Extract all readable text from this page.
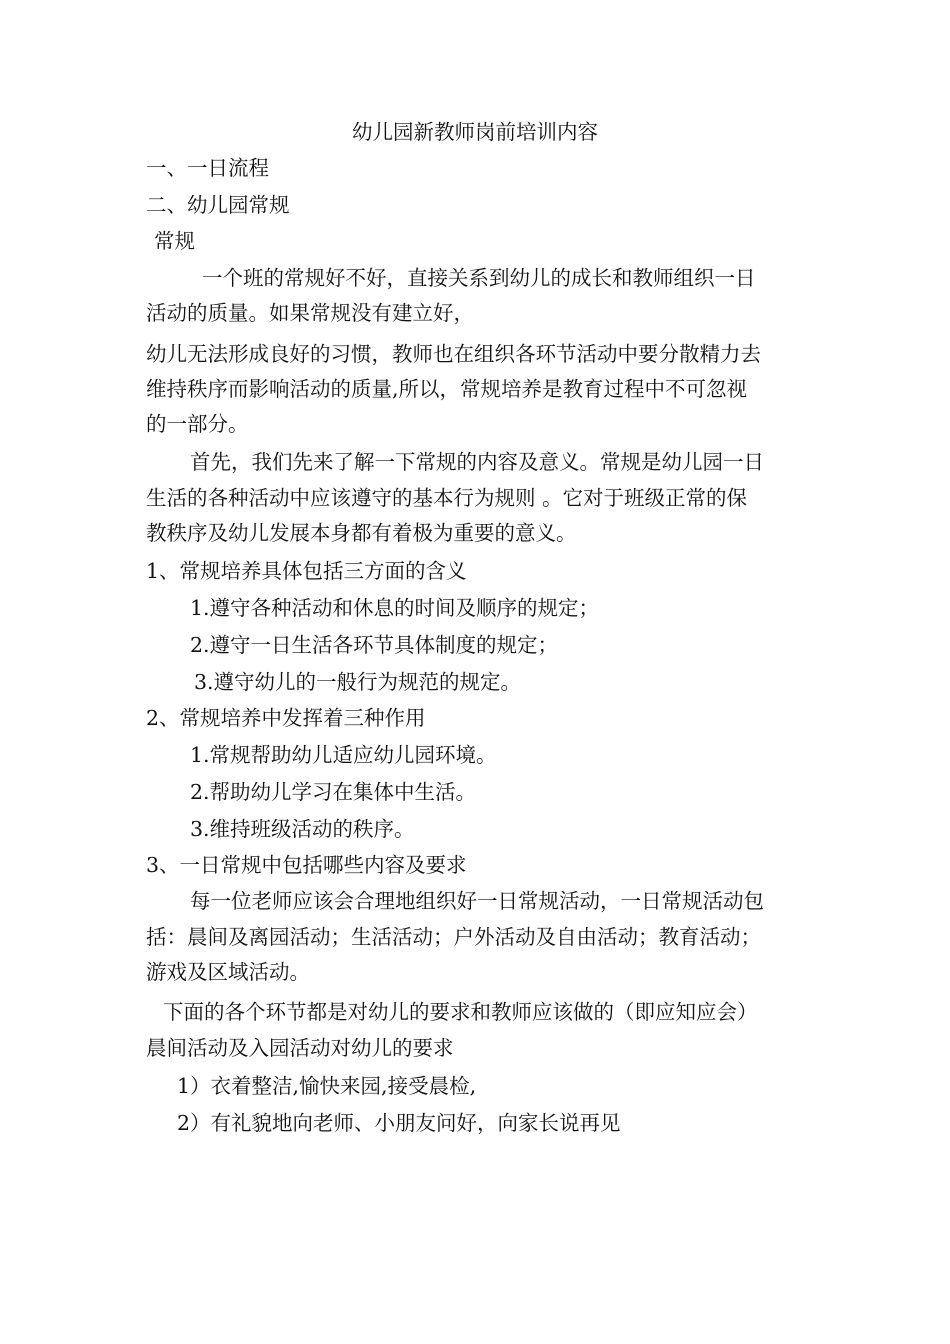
幼儿园新教师岗前培训内容
一、一日流程
二、幼儿园常规
常规
一个班的常规好不好，直接关系到幼儿的成长和教师组织一日
活动的质量。如果常规没有建立好，
幼儿无法形成良好的习惯，教师也在组织各环节活动中要分散精力去
维持秩序而影响活动的质量,所以，常规培养是教育过程中不可忽视
的一部分。
首先，我们先来了解一下常规的内容及意义。常规是幼儿园一日
生活的各种活动中应该遵守的基本行为规则 。它对于班级正常的保
教秩序及幼儿发展本身都有着极为重要的意义。
1、常规培养具体包括三方面的含义
1.遵守各种活动和休息的时间及顺序的规定；
2.遵守一日生活各环节具体制度的规定；
3.遵守幼儿的一般行为规范的规定。
2、常规培养中发挥着三种作用
1.常规帮助幼儿适应幼儿园环境。
2.帮助幼儿学习在集体中生活。
3.维持班级活动的秩序。
3、一日常规中包括哪些内容及要求
每一位老师应该会合理地组织好一日常规活动，一日常规活动包
括：晨间及离园活动；生活活动；户外活动及自由活动；教育活动；
游戏及区域活动。
下面的各个环节都是对幼儿的要求和教师应该做的（即应知应会）
晨间活动及入园活动对幼儿的要求
1）衣着整洁,愉快来园,接受晨检,
2）有礼貌地向老师、小朋友问好，向家长说再见
